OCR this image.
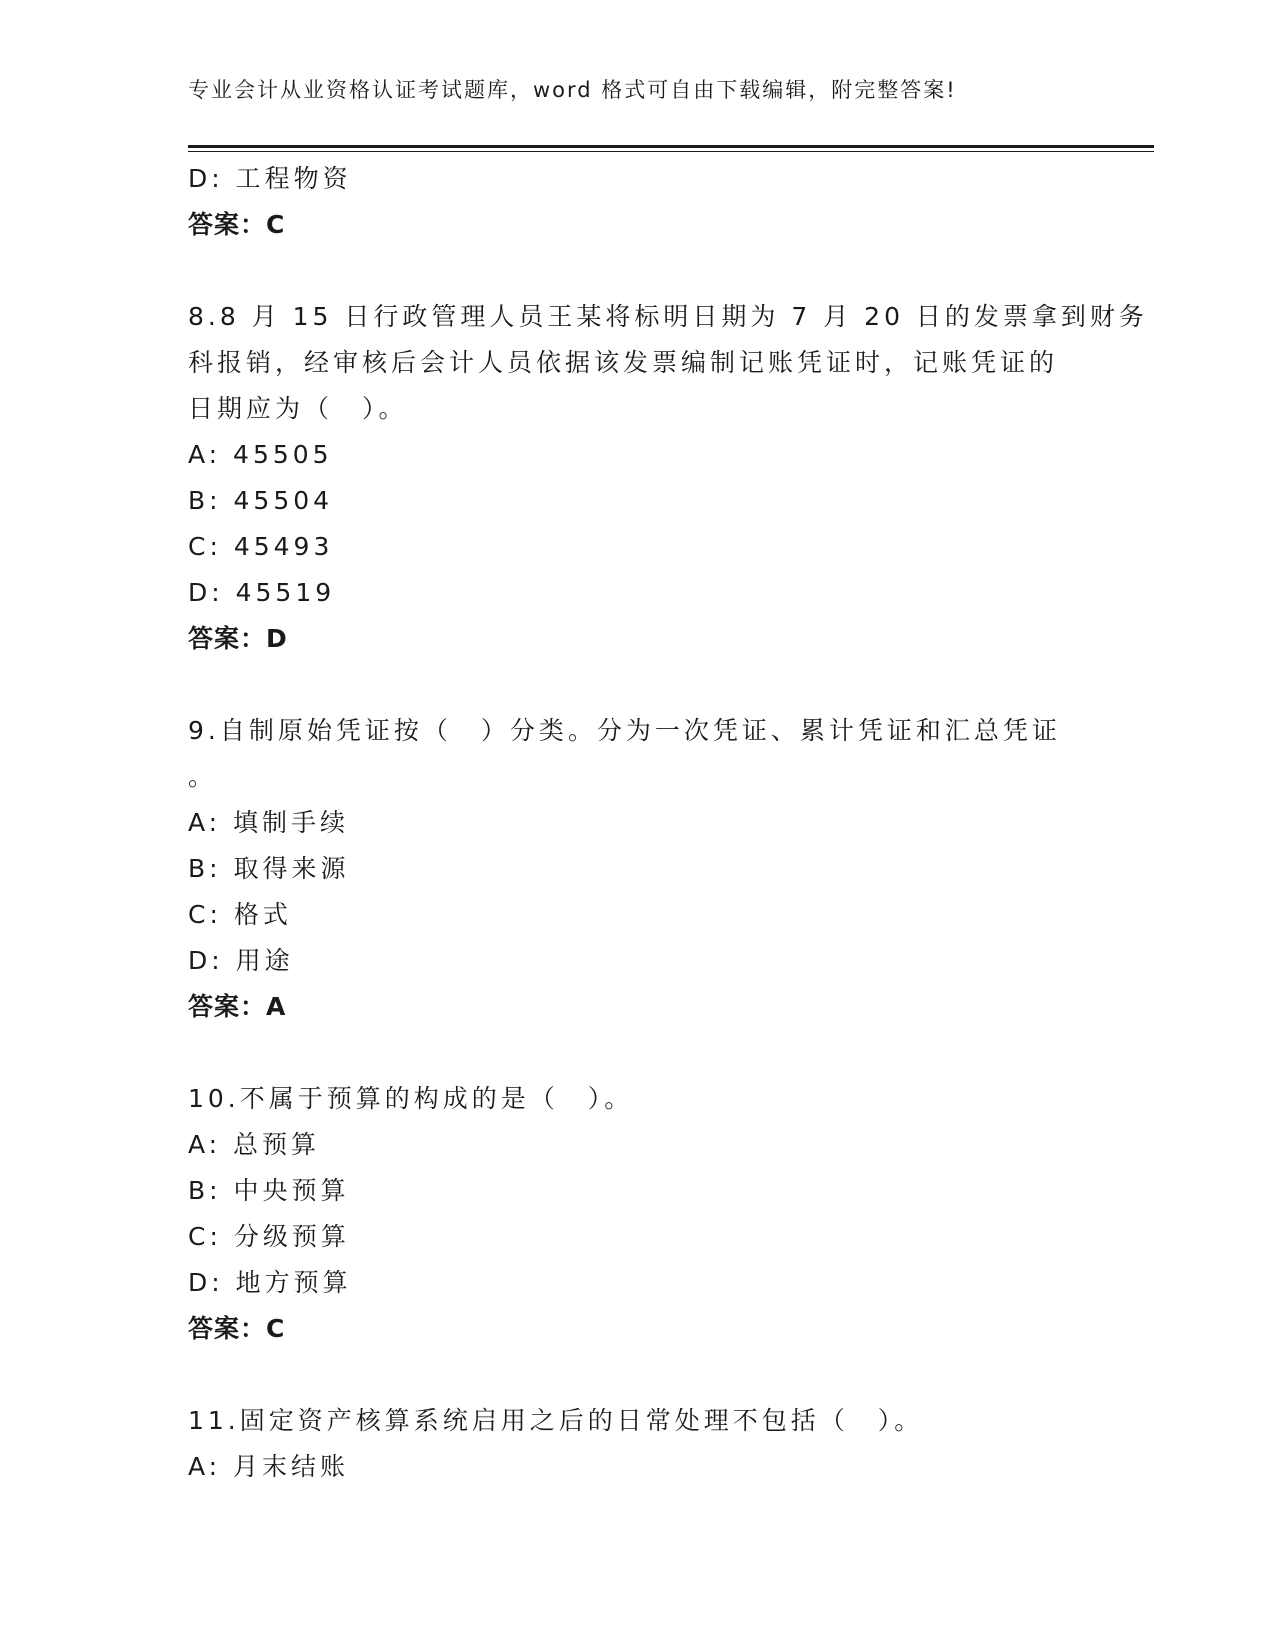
专业会计从业资格认证考试题库，word 格式可自由下载编辑，附完整答案!
D: 工程物资
答案：C
8.8 月 15 日行政管理人员王某将标明日期为 7 月 20 日的发票拿到财务
科报销，经审核后会计人员依据该发票编制记账凭证时，记账凭证的
日期应为（　）。
A: 45505
B: 45504
C: 45493
D: 45519
答案：D
9.自制原始凭证按（　）分类。分为一次凭证、累计凭证和汇总凭证
。
A: 填制手续
B: 取得来源
C: 格式
D: 用途
答案：A
10.不属于预算的构成的是（　）。
A: 总预算
B: 中央预算
C: 分级预算
D: 地方预算
答案：C
11.固定资产核算系统启用之后的日常处理不包括（　）。
A: 月末结账
